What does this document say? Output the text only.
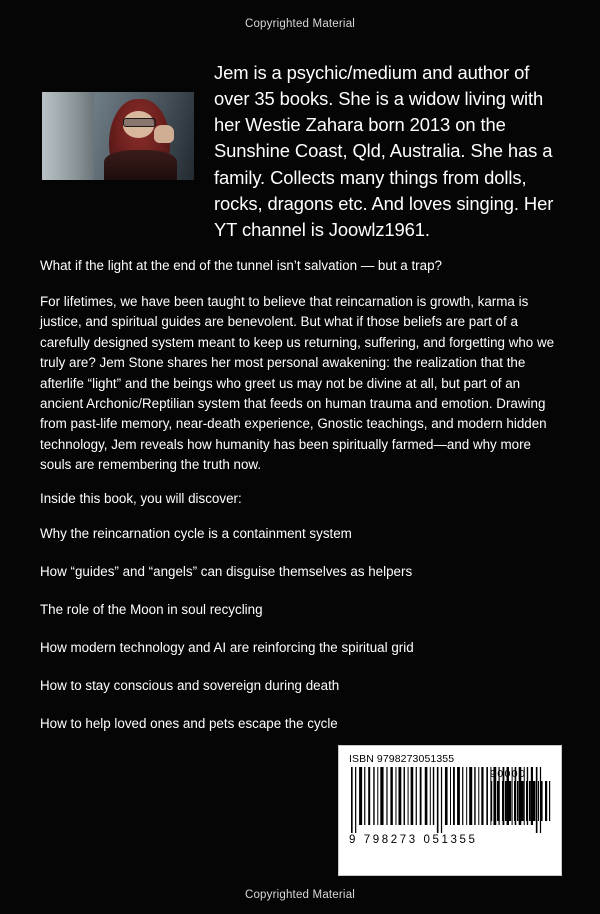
Copyrighted Material
Jem is a psychic/medium and author of over 35 books. She is a widow living with her Westie Zahara born 2013 on the Sunshine Coast, Qld, Australia. She has a family. Collects many things from dolls, rocks, dragons etc. And loves singing. Her YT channel is Joowlz1961.

What if the light at the end of the tunnel isn’t salvation — but a trap?

For lifetimes, we have been taught to believe that reincarnation is growth, karma is justice, and spiritual guides are benevolent. But what if those beliefs are part of a carefully designed system meant to keep us returning, suffering, and forgetting who we truly are? Jem Stone shares her most personal awakening: the realization that the afterlife “light” and the beings who greet us may not be divine at all, but part of an ancient Archonic/Reptilian system that feeds on human trauma and emotion. Drawing from past-life memory, near-death experience, Gnostic teachings, and modern hidden technology, Jem reveals how humanity has been spiritually farmed—and why more souls are remembering the truth now.

Inside this book, you will discover:

Why the reincarnation cycle is a containment system
How “guides” and “angels” can disguise themselves as helpers
The role of the Moon in soul recycling
How modern technology and AI are reinforcing the spiritual grid
How to stay conscious and sovereign during death
How to help loved ones and pets escape the cycle
ISBN 9798273051355
9 798273 051355
90000
Copyrighted Material
